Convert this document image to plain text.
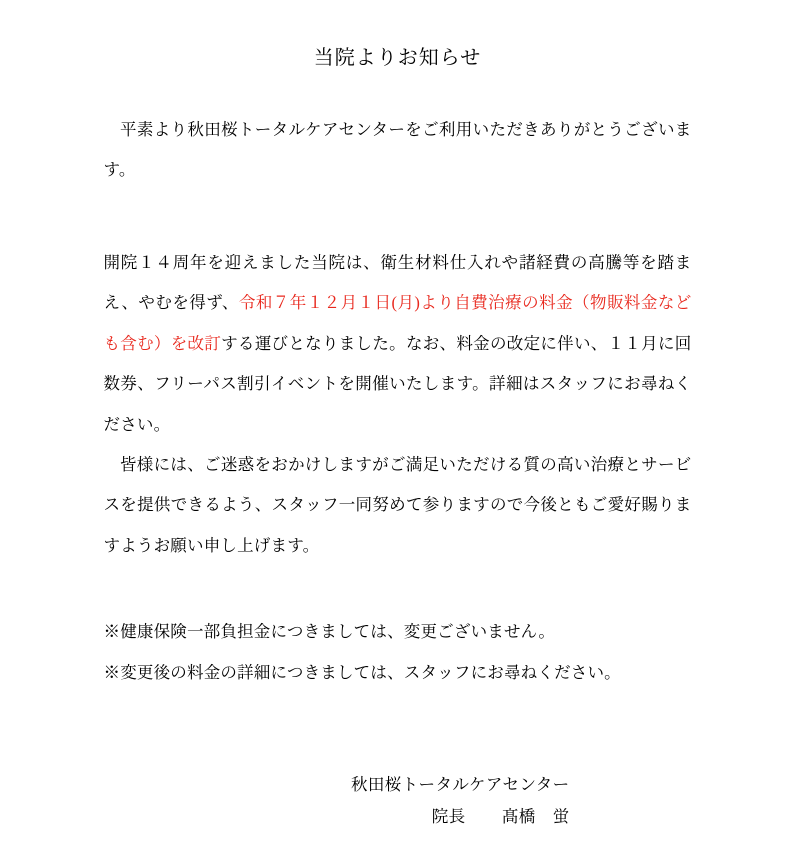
当院よりお知らせ

平素より秋田桜トータルケアセンターをご利用いただきありがとうございます。

開院１４周年を迎えました当院は、衛生材料仕入れや諸経費の高騰等を踏まえ、やむを得ず、令和７年１２月１日(月)より自費治療の料金（物販料金なども含む）を改訂する運びとなりました。なお、料金の改定に伴い、１１月に回数券、フリーパス割引イベントを開催いたします。詳細はスタッフにお尋ねください。

皆様には、ご迷惑をおかけしますがご満足いただける質の高い治療とサービスを提供できるよう、スタッフ一同努めて参りますので今後ともご愛好賜りますようお願い申し上げます。

※健康保険一部負担金につきましては、変更ございません。

※変更後の料金の詳細につきましては、スタッフにお尋ねください。

秋田桜トータルケアセンター
院長 髙橋　蛍
